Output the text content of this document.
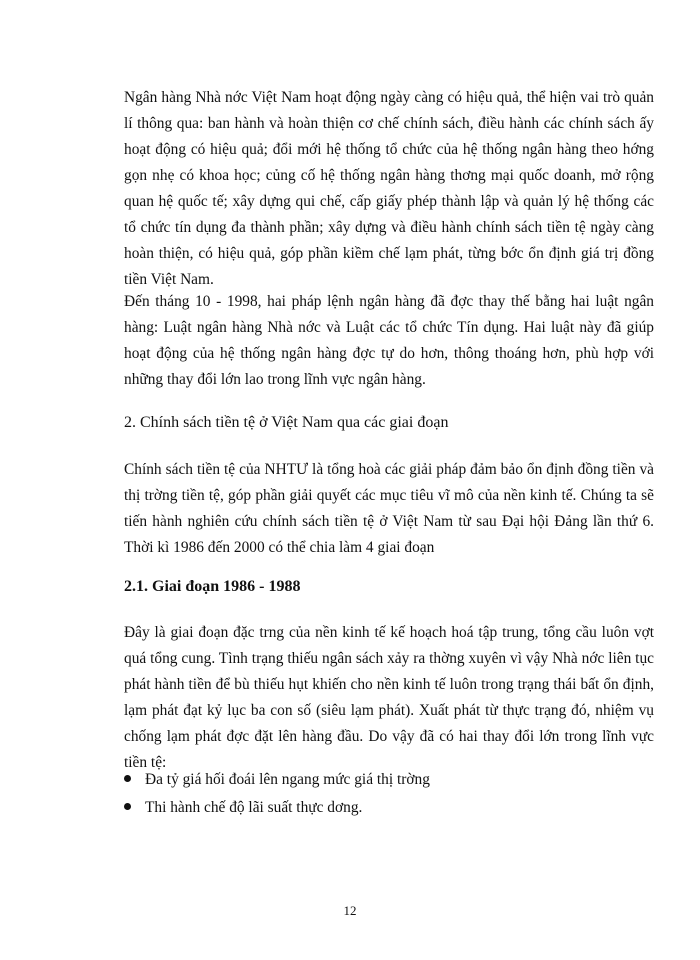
Ngân hàng Nhà nớc Việt Nam hoạt động ngày càng có hiệu quả, thể hiện vai trò quản lí thông qua: ban hành và hoàn thiện cơ chế chính sách, điều hành các chính sách ấy hoạt động có hiệu quả; đổi mới hệ thống tổ chức của hệ thống ngân hàng theo hớng gọn nhẹ có khoa học; củng cố hệ thống ngân hàng thơng mại quốc doanh, mở rộng quan hệ quốc tế; xây dựng qui chế, cấp giấy phép thành lập và quản lý hệ thống các tổ chức tín dụng đa thành phần; xây dựng và điều hành chính sách tiền tệ ngày càng hoàn thiện, có hiệu quả, góp phần kiềm chế lạm phát, từng bớc ổn định giá trị đồng tiền Việt Nam.

Đến tháng 10 - 1998, hai pháp lệnh ngân hàng đã đợc thay thế bằng hai luật ngân hàng: Luật ngân hàng Nhà nớc và Luật các tổ chức Tín dụng. Hai luật này đã giúp hoạt động của hệ thống ngân hàng đợc tự do hơn, thông thoáng hơn, phù hợp với những thay đổi lớn lao trong lĩnh vực ngân hàng.

2. Chính sách tiền tệ ở Việt Nam qua các giai đoạn

Chính sách tiền tệ của NHTƯ là tổng hoà các giải pháp đảm bảo ổn định đồng tiền và thị trờng tiền tệ, góp phần giải quyết các mục tiêu vĩ mô của nền kinh tế. Chúng ta sẽ tiến hành nghiên cứu chính sách tiền tệ ở Việt Nam từ sau Đại hội Đảng lần thứ 6. Thời kì 1986 đến 2000 có thể chia làm 4 giai đoạn

2.1. Giai đoạn 1986 - 1988

Đây là giai đoạn đặc trng của nền kinh tế kế hoạch hoá tập trung, tổng cầu luôn vợt quá tổng cung. Tình trạng thiếu ngân sách xảy ra thờng xuyên vì vậy Nhà nớc liên tục phát hành tiền để bù thiếu hụt khiến cho nền kinh tế luôn trong trạng thái bất ổn định, lạm phát đạt kỷ lục ba con số (siêu lạm phát). Xuất phát từ thực trạng đó, nhiệm vụ chống lạm phát đợc đặt lên hàng đầu. Do vậy đã có hai thay đổi lớn trong lĩnh vực tiền tệ:

Đa tỷ giá hối đoái lên ngang mức giá thị trờng
Thi hành chế độ lãi suất thực dơng.
12
